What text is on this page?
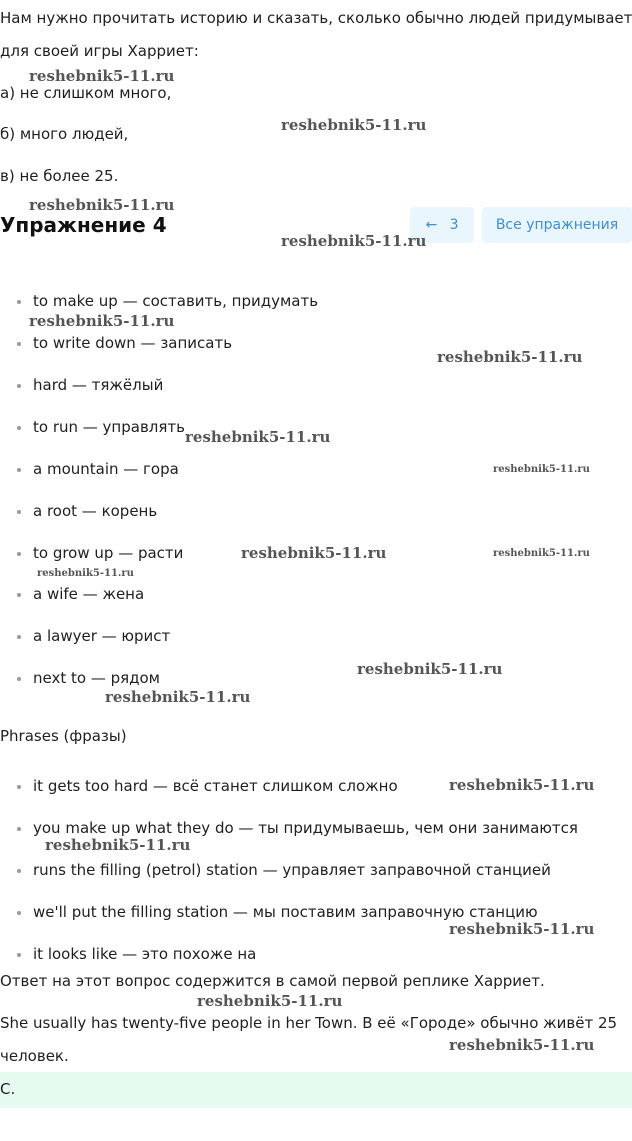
Нам нужно прочитать историю и сказать, сколько обычно людей придумывает

для своей игры Харриет:

а) не слишком много,

б) много людей,

в) не более 25.

Упражнение 4	← 3	Все упражнения

to make up — составить, придумать

to write down — записать

hard — тяжёлый

to run — управлять

a mountain — гора

a root — корень

to grow up — расти

a wife — жена

a lawyer — юрист

next to — рядом

Phrases (фразы)

it gets too hard — всё станет слишком сложно

you make up what they do — ты придумываешь, чем они занимаются

runs the filling (petrol) station — управляет заправочной станцией

we'll put the filling station — мы поставим заправочную станцию

it looks like — это похоже на

Ответ на этот вопрос содержится в самой первой реплике Харриет.

She usually has twenty-five people in her Town. В её «Городе» обычно живёт 25

человек.

С.
reshebnik5-11.ru
reshebnik5-11.ru
reshebnik5-11.ru
reshebnik5-11.ru
reshebnik5-11.ru
reshebnik5-11.ru
reshebnik5-11.ru
reshebnik5-11.ru
reshebnik5-11.ru	reshebnik5-11.ru
reshebnik5-11.ru
reshebnik5-11.ru
reshebnik5-11.ru
reshebnik5-11.ru
reshebnik5-11.ru
reshebnik5-11.ru
reshebnik5-11.ru
reshebnik5-11.ru
